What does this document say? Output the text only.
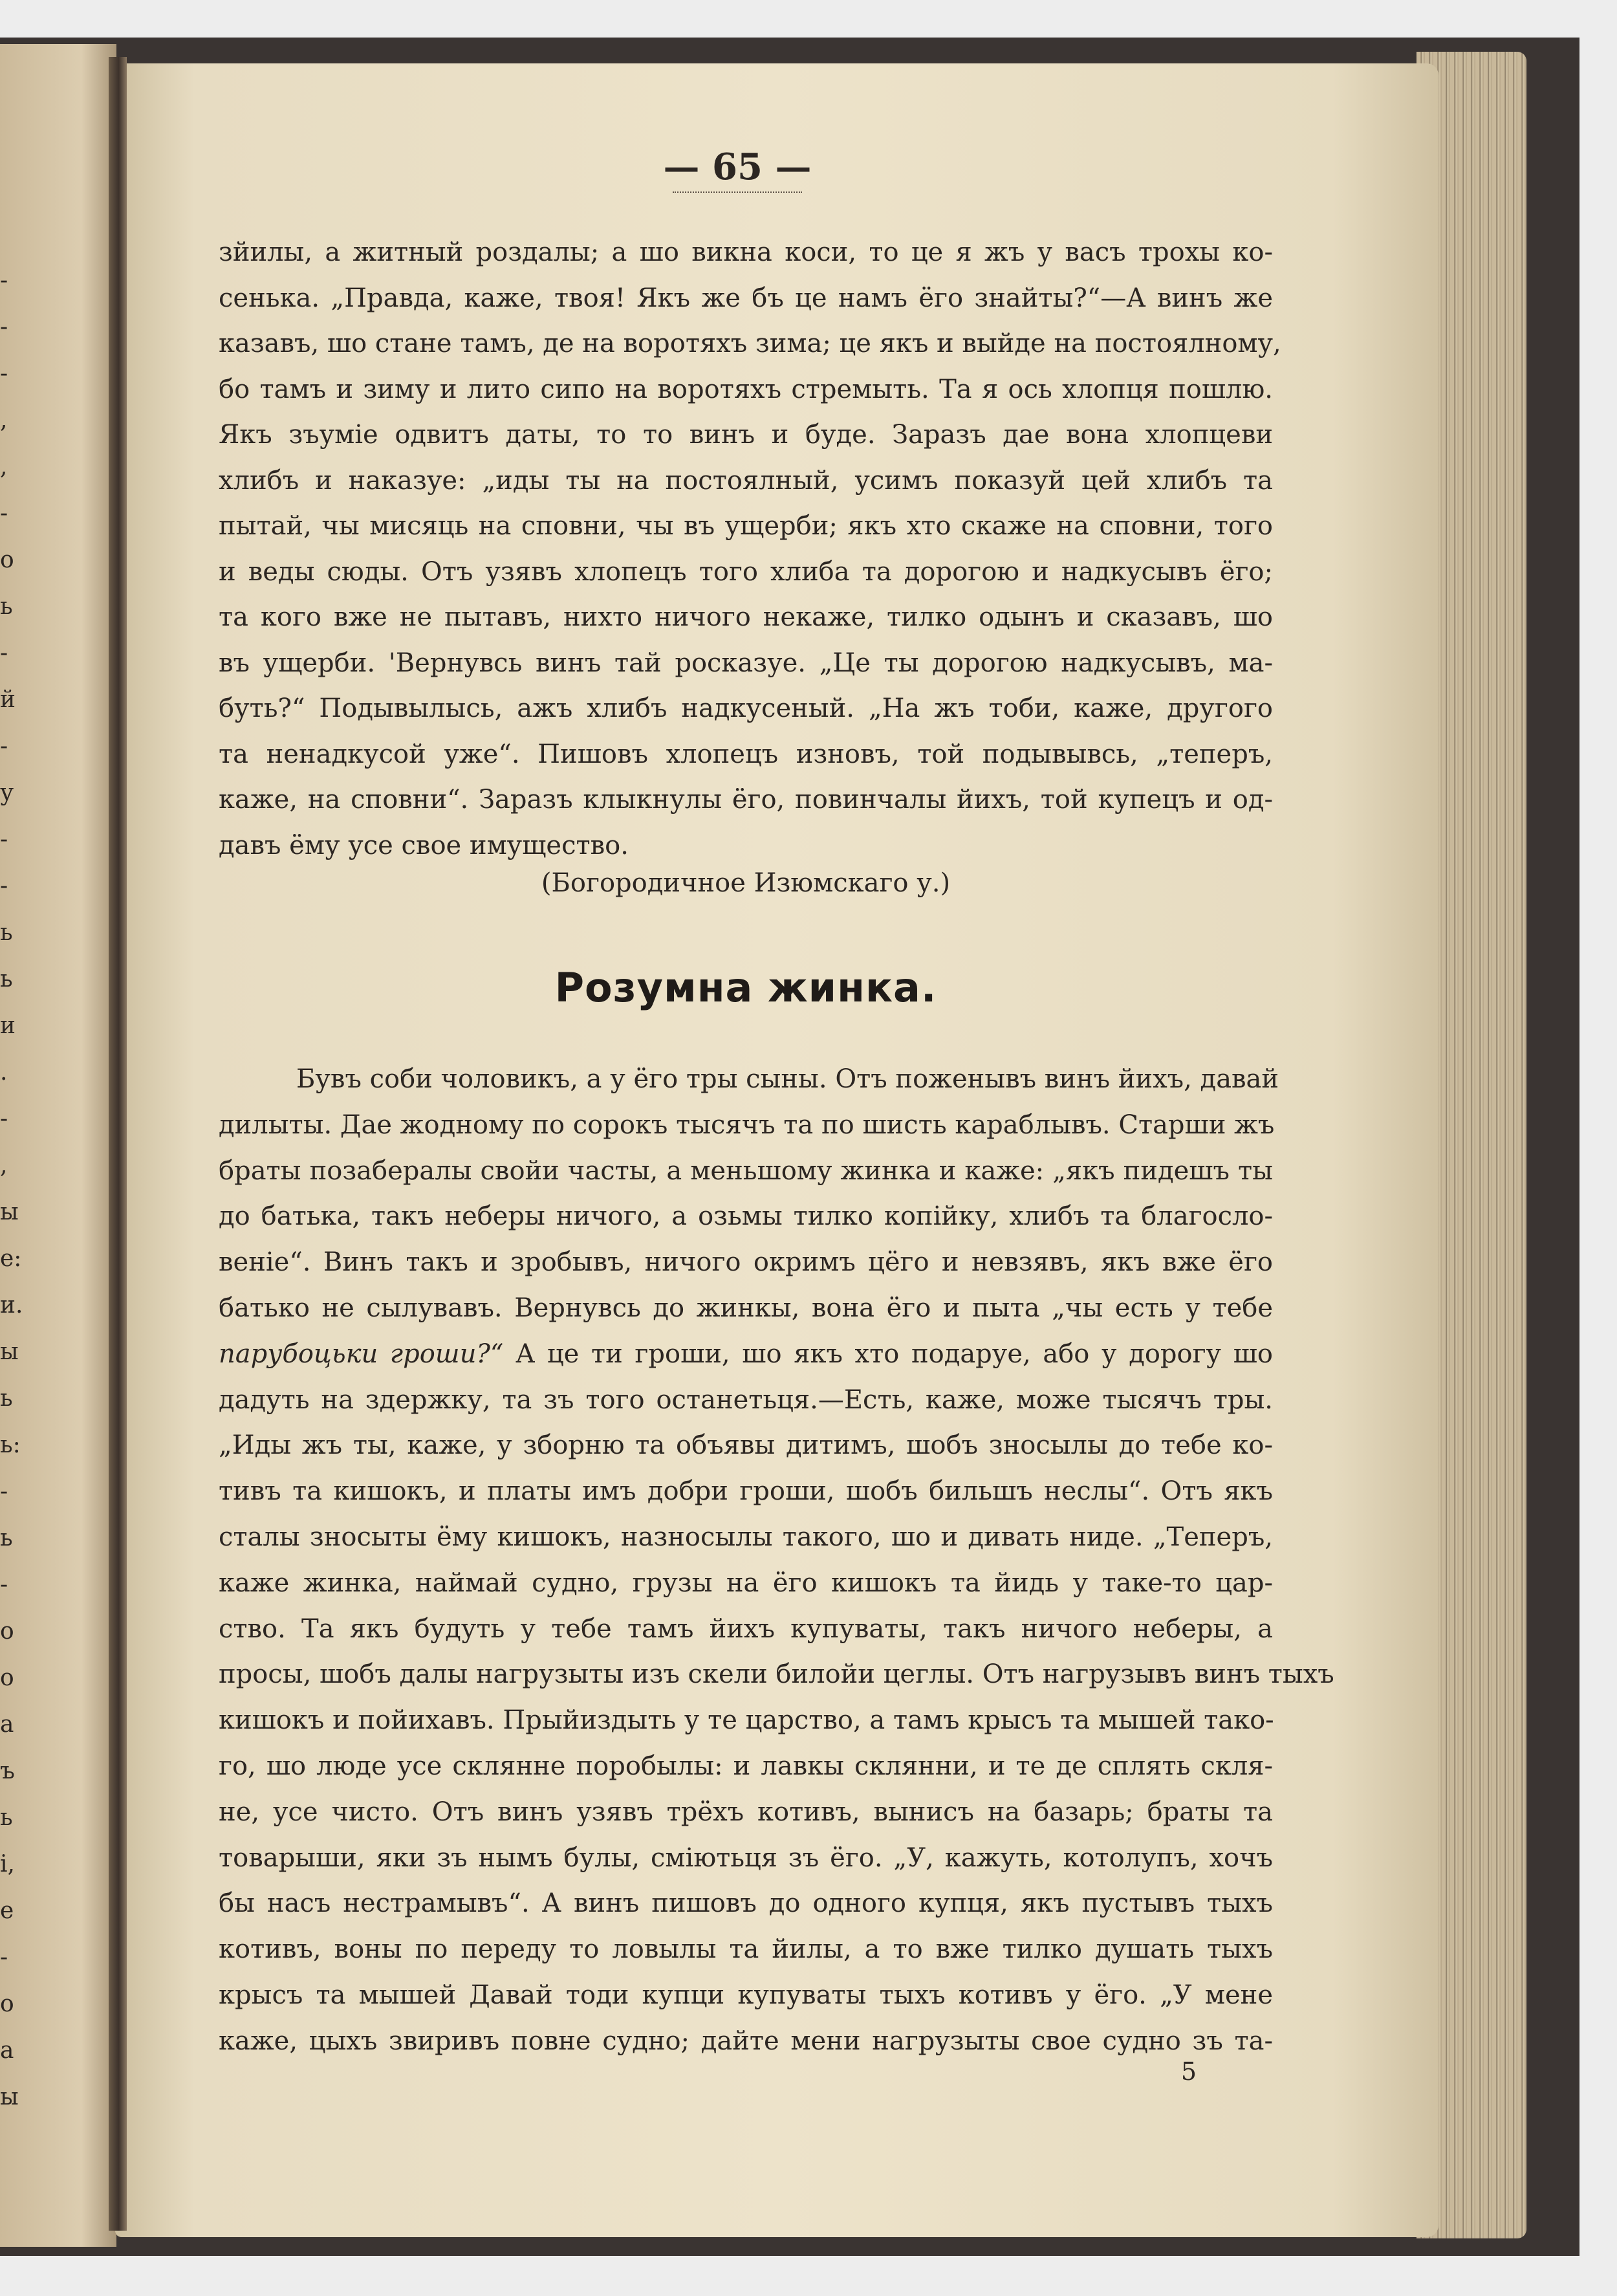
-
-
-
,
,
-
о
ь
-
й
-
у
-
-
ь
ь
и
.
-
,
ы
е:
и.
ы
ь
ь:
-
ь
-
о
о
а
ъ
ь
і,
е
-
о
а
ы
— 65 —
зйилы, а житный роздалы; а шо викна коси, то це я жъ у васъ трохы ко-
сенька. „Правда, каже, твоя! Якъ же бъ це намъ ёго знайты?“—А винъ же
казавъ, шо стане тамъ, де на воротяхъ зима; це якъ и выйде на постоялному,
бо тамъ и зиму и лито сипо на воротяхъ стремыть. Та я ось хлопця пошлю.
Якъ зъумie одвитъ даты, то то винъ и буде. Заразъ дае вона хлопцеви
хлибъ и наказуе: „иды ты на постоялный, усимъ показуй цей хлибъ та
пытай, чы мисяць на сповни, чы въ ущерби; якъ хто скаже на сповни, того
и веды сюды. Отъ узявъ хлопецъ того хлиба та дорогою и надкусывъ ёго;
та кого вже не пытавъ, нихто ничого некаже, тилко одынъ и сказавъ, шо
въ ущерби. 'Вернувсь винъ тай росказуе. „Це ты дорогою надкусывъ, ма-
буть?“ Подывылысь, ажъ хлибъ надкусеный. „На жъ тоби, каже, другого
та ненадкусой уже“. Пишовъ хлопецъ изновъ, той подывывсь, „теперъ,
каже, на сповни“. Заразъ клыкнулы ёго, повинчалы йихъ, той купецъ и од-
давъ ёму усе свое имущество.
(Богородичное Изюмскаго у.)
Розумна жинка.
Бувъ соби чоловикъ, а у ёго тры сыны. Отъ поженывъ винъ йихъ, давай
дилыты. Дае жодному по сорокъ тысячъ та по шисть караблывъ. Старши жъ
браты позабералы свойи часты, а меньшому жинка и каже: „якъ пидешъ ты
до батька, такъ неберы ничого, а озьмы тилко копiйку, хлибъ та благосло-
венie“. Винъ такъ и зробывъ, ничого окримъ цёго и невзявъ, якъ вже ёго
батько не сылувавъ. Вернувсь до жинкы, вона ёго и пыта „чы есть у тебе
парубоцьки гроши?“ А це ти гроши, шо якъ хто подаруе, або у дорогу шо
дадуть на здержку, та зъ того останетьця.—Есть, каже, може тысячъ тры.
„Иды жъ ты, каже, у зборню та объявы дитимъ, шобъ зносылы до тебе ко-
тивъ та кишокъ, и платы имъ добри гроши, шобъ бильшъ неслы“. Отъ якъ
сталы зносыты ёму кишокъ, назносылы такого, шо и дивать ниде. „Теперъ,
каже жинка, наймай судно, грузы на ёго кишокъ та йидь у таке-то цар-
ство. Та якъ будуть у тебе тамъ йихъ купуваты, такъ ничого неберы, а
просы, шобъ далы нагрузыты изъ скели билойи цеглы. Отъ нагрузывъ винъ тыхъ
кишокъ и пойихавъ. Прыйиздыть у те царство, а тамъ крысъ та мышей тако-
го, шо люде усе склянне поробылы: и лавкы склянни, и те де сплять скля-
не, усе чисто. Отъ винъ узявъ трёхъ котивъ, вынисъ на базарь; браты та
товарыши, яки зъ нымъ булы, смiютьця зъ ёго. „У, кажуть, котолупъ, хочъ
бы насъ нестрамывъ“. А винъ пишовъ до одного купця, якъ пустывъ тыхъ
котивъ, воны по переду то ловылы та йилы, а то вже тилко душать тыхъ
крысъ та мышей Давай тоди купци купуваты тыхъ котивъ у ёго. „У мене
каже, цыхъ звиривъ повне судно; дайте мени нагрузыты свое судно зъ та-
5
